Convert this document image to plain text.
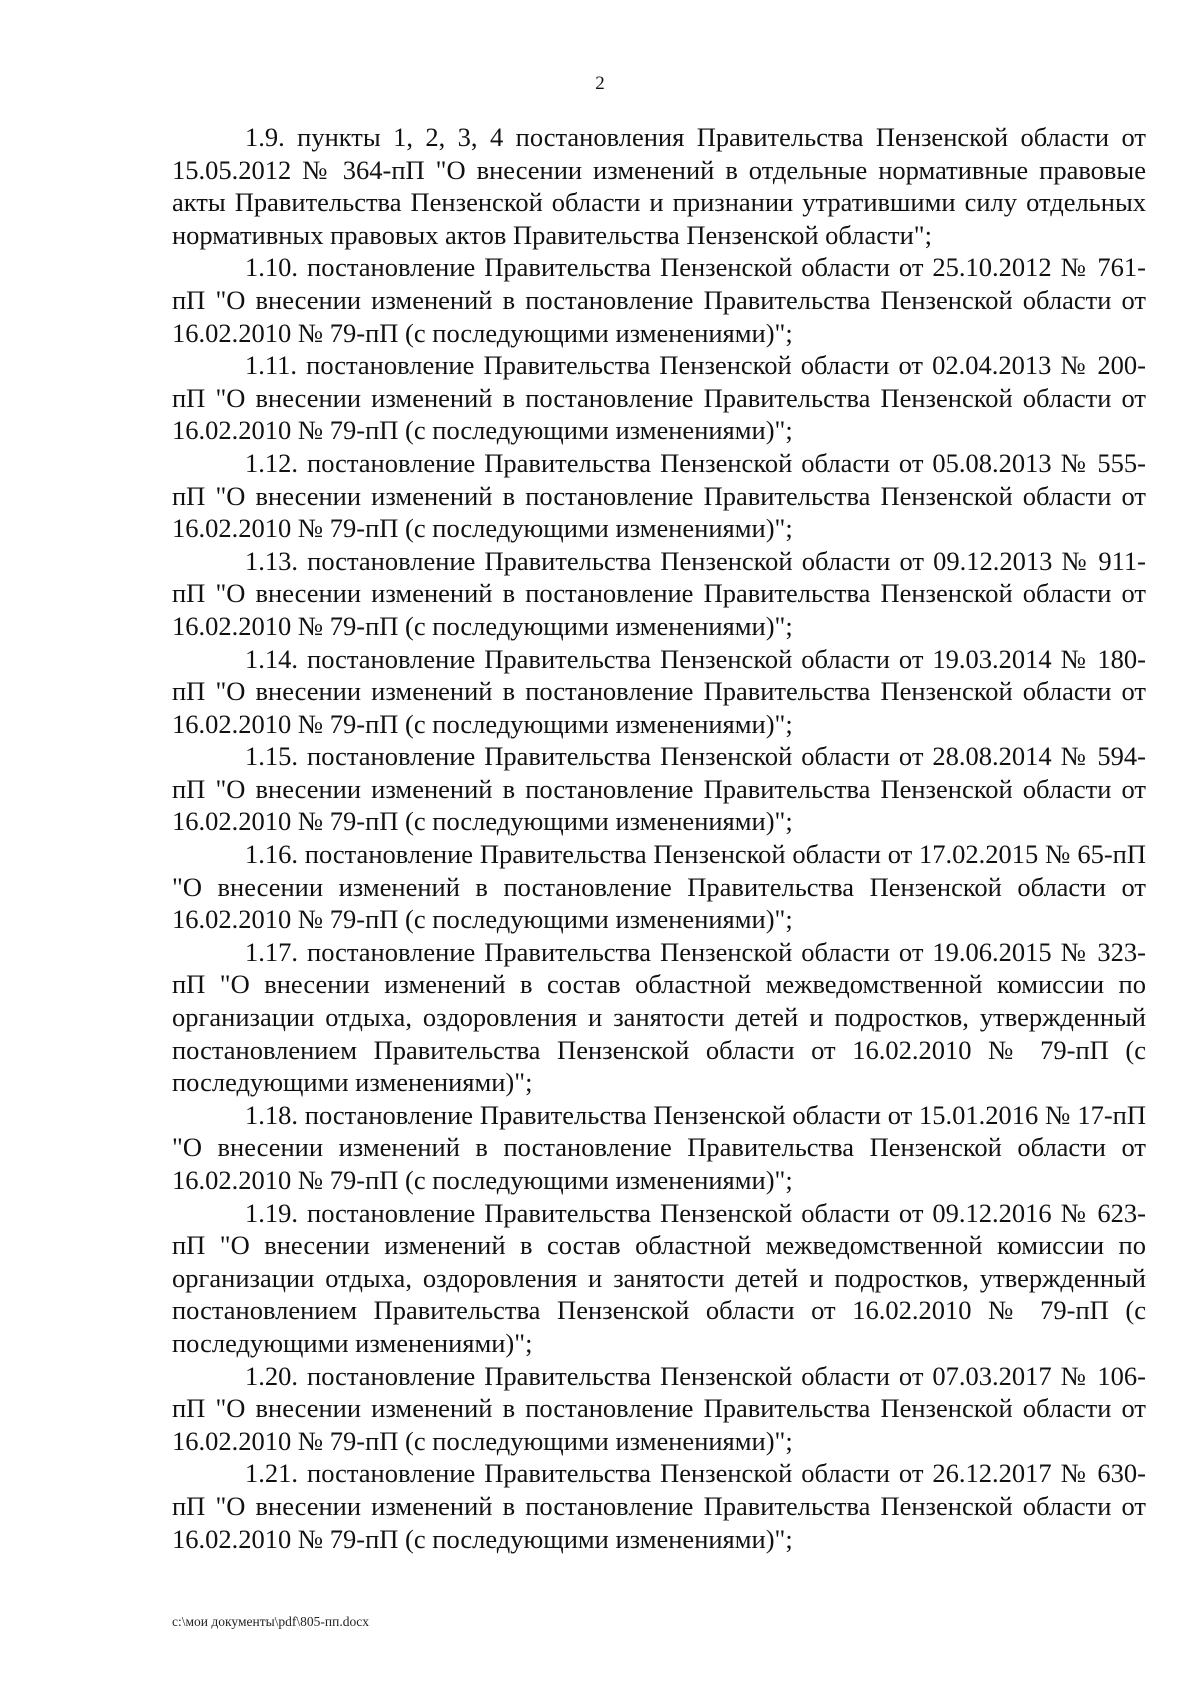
2

1.9. пункты 1, 2, 3, 4 постановления Правительства Пензенской области от 15.05.2012 № 364-пП "О внесении изменений в отдельные нормативные правовые акты Правительства Пензенской области и признании утратившими силу отдельных нормативных правовых актов Правительства Пензенской области";

1.10. постановление Правительства Пензенской области от 25.10.2012 № 761-пП "О внесении изменений в постановление Правительства Пензенской области от 16.02.2010 № 79-пП (с последующими изменениями)";

1.11. постановление Правительства Пензенской области от 02.04.2013 № 200-пП "О внесении изменений в постановление Правительства Пензенской области от 16.02.2010 № 79-пП (с последующими изменениями)";

1.12. постановление Правительства Пензенской области от 05.08.2013 № 555-пП "О внесении изменений в постановление Правительства Пензенской области от 16.02.2010 № 79-пП (с последующими изменениями)";

1.13. постановление Правительства Пензенской области от 09.12.2013 № 911-пП "О внесении изменений в постановление Правительства Пензенской области от 16.02.2010 № 79-пП (с последующими изменениями)";

1.14. постановление Правительства Пензенской области от 19.03.2014 № 180-пП "О внесении изменений в постановление Правительства Пензенской области от 16.02.2010 № 79-пП (с последующими изменениями)";

1.15. постановление Правительства Пензенской области от 28.08.2014 № 594-пП "О внесении изменений в постановление Правительства Пензенской области от 16.02.2010 № 79-пП (с последующими изменениями)";

1.16. постановление Правительства Пензенской области от 17.02.2015 № 65-пП "О внесении изменений в постановление Правительства Пензенской области от 16.02.2010 № 79-пП (с последующими изменениями)";

1.17. постановление Правительства Пензенской области от 19.06.2015 № 323-пП "О внесении изменений в состав областной межведомственной комиссии по организации отдыха, оздоровления и занятости детей и подростков, утвержденный постановлением Правительства Пензенской области от 16.02.2010 № 79-пП (с последующими изменениями)";

1.18. постановление Правительства Пензенской области от 15.01.2016 № 17-пП "О внесении изменений в постановление Правительства Пензенской области от 16.02.2010 № 79-пП (с последующими изменениями)";

1.19. постановление Правительства Пензенской области от 09.12.2016 № 623-пП "О внесении изменений в состав областной межведомственной комиссии по организации отдыха, оздоровления и занятости детей и подростков, утвержденный постановлением Правительства Пензенской области от 16.02.2010 № 79-пП (с последующими изменениями)";

1.20. постановление Правительства Пензенской области от 07.03.2017 № 106-пП "О внесении изменений в постановление Правительства Пензенской области от 16.02.2010 № 79-пП (с последующими изменениями)";

1.21. постановление Правительства Пензенской области от 26.12.2017 № 630-пП "О внесении изменений в постановление Правительства Пензенской области от 16.02.2010 № 79-пП (с последующими изменениями)";

c:\мои документы\pdf\805-пп.docx
